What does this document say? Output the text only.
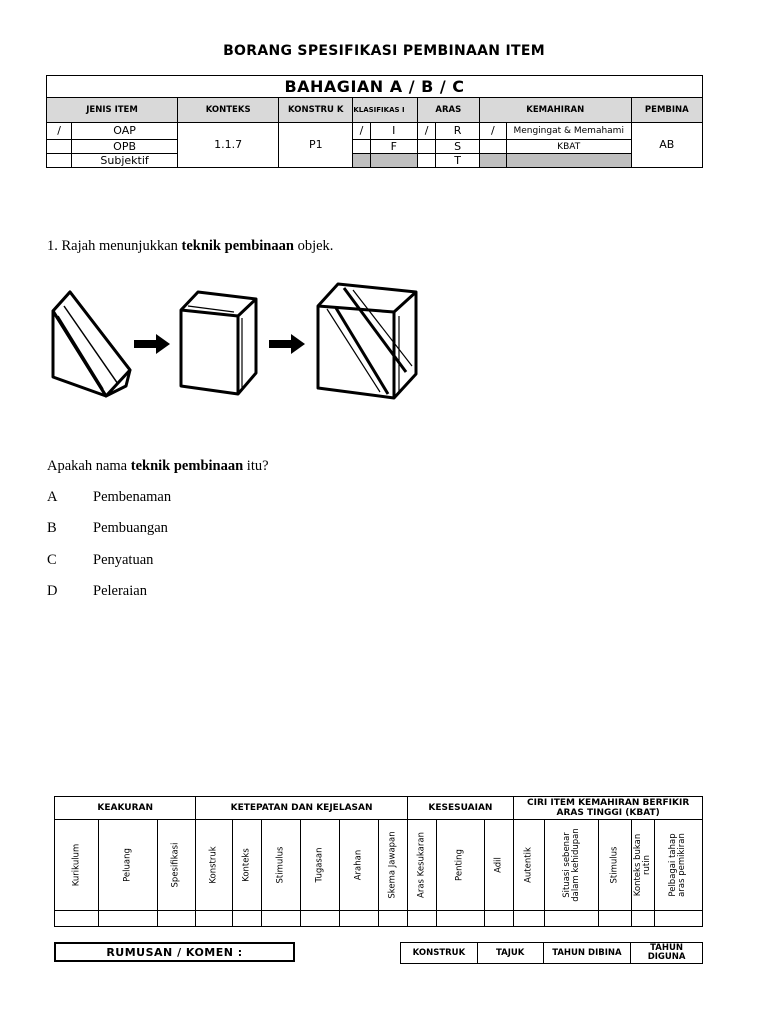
BORANG SPESIFIKASI PEMBINAAN ITEM
BAHAGIAN A / B / C										
JENIS ITEM		KONTEKS	KONSTRU K	KLASIFIKAS I		ARAS		KEMAHIRAN		PEMBINA
/	OAP	1.1.7	P1	/	I	/	R	/	Mengingat & Memahami	AB
	OPB				F		S		KBAT	
	Subjektif						T			
1. Rajah menunjukkan teknik pembinaan objek.
Apakah nama teknik pembinaan itu?
A Pembenaman
B	Pembuangan
C	Penyatuan
D Peleraian
KEAKURAN			KETEPATAN DAN KEJELASAN						KESESUAIAN			CIRI ITEM KEMAHIRAN BERFIKIR ARAS TINGGI (KBAT)				

Kurikulum	Peluang	Spesifikasi	Konstruk	Konteks	Stimulus	Tugasan	Arahan	Skema Jawapan	Aras Kesukaran	Penting	Adil	Autentik	Situasi sebenar dalam kehidupan	Stimulus	Konteks bukan rutin	Pelbagai tahap aras pemikiran

RUMUSAN / KOMEN :	KONSTRUK	TAJUK	TAHUN DIBINA	TAHUN DIGUNA
